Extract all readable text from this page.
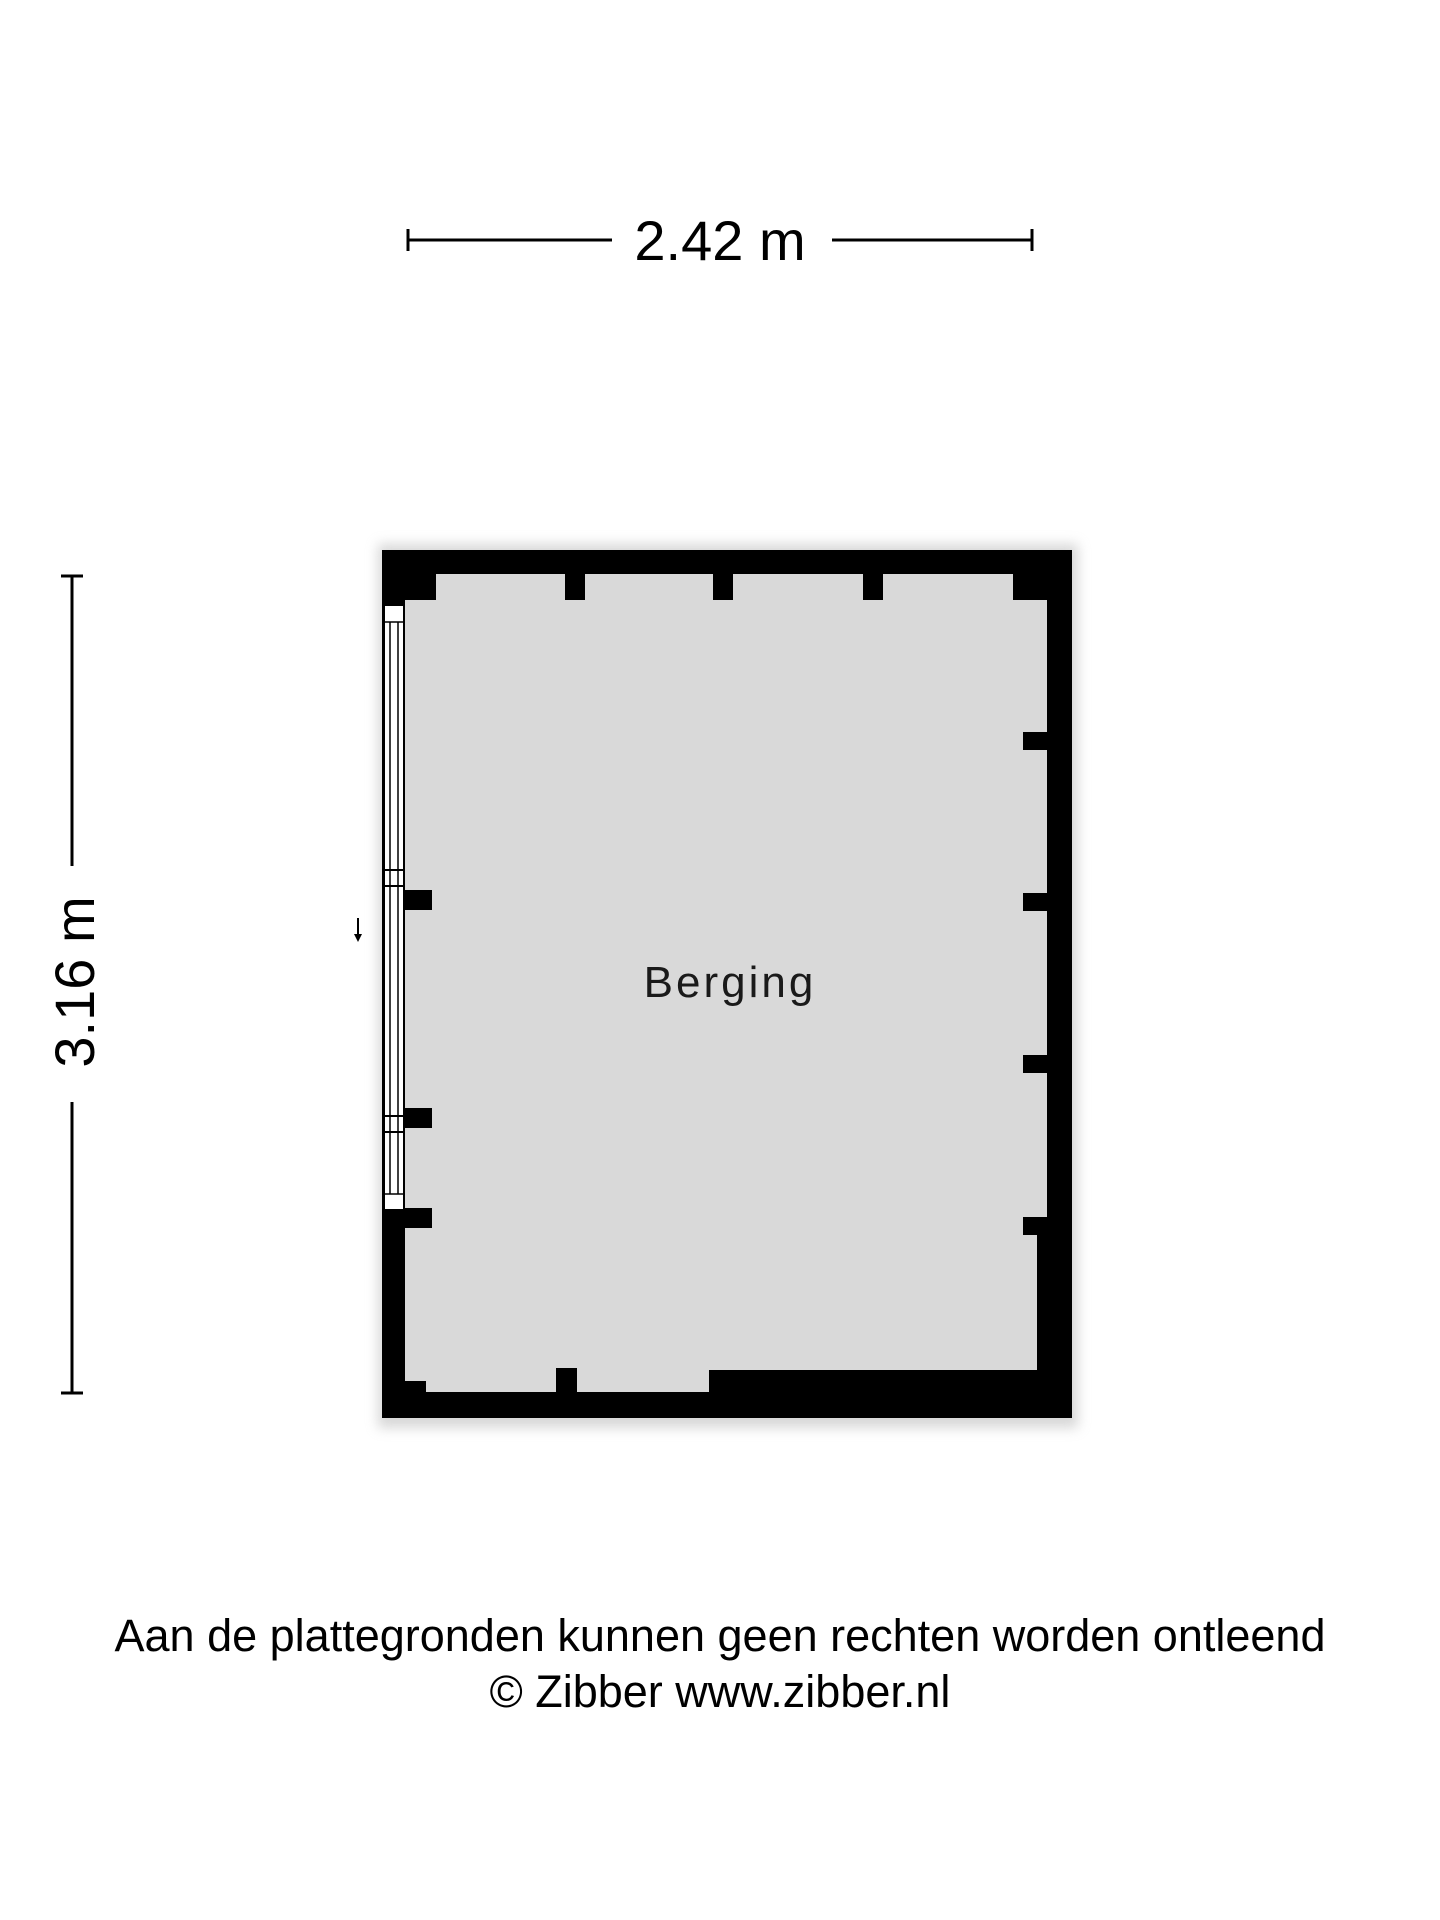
2.42 m
3.16 m	Berging
Aan de plattegronden kunnen geen rechten worden ontleend
© Zibber www.zibber.nl
